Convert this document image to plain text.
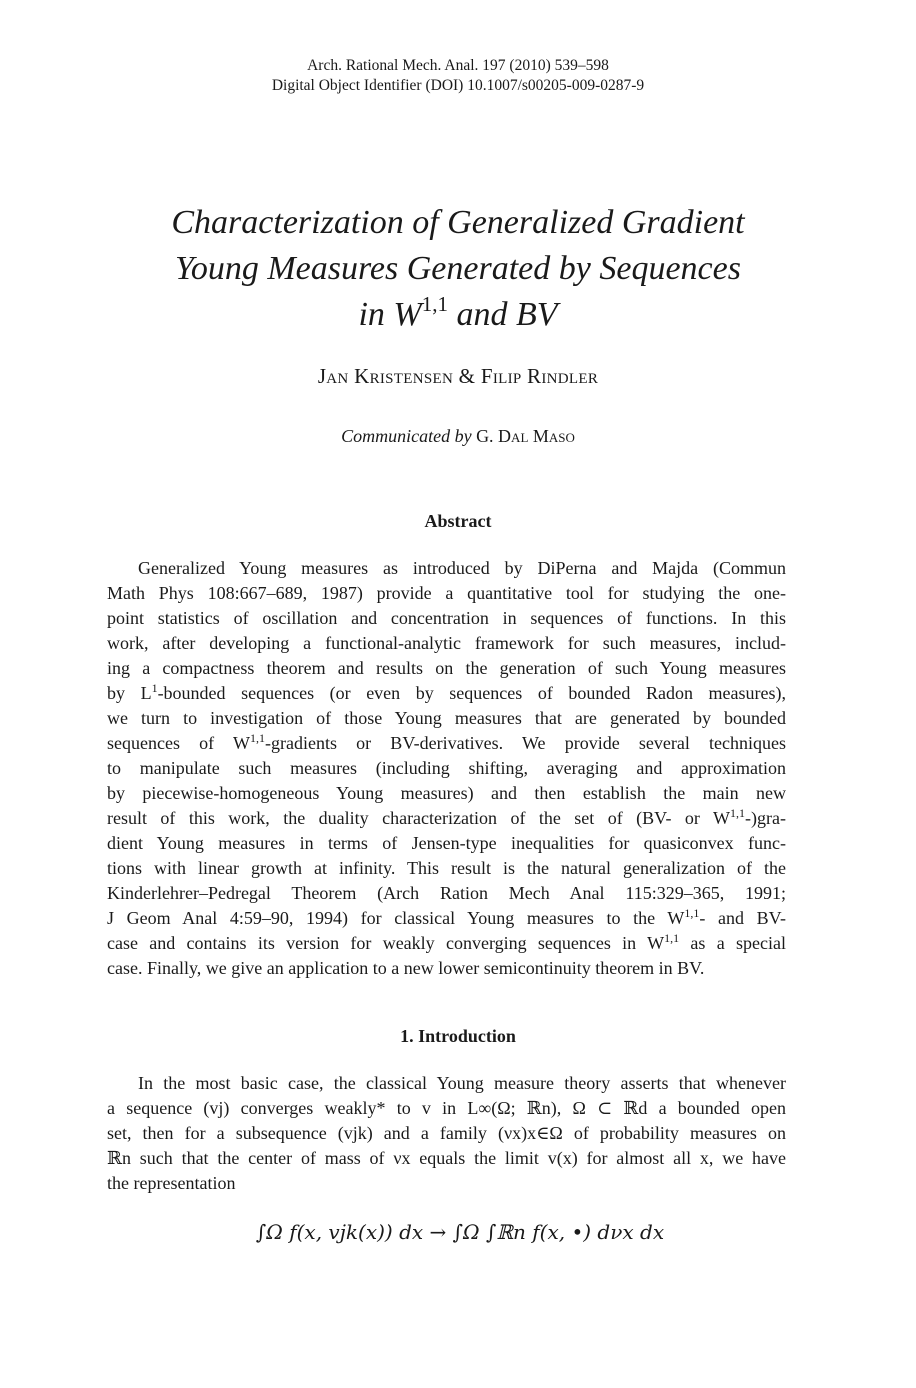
Arch. Rational Mech. Anal. 197 (2010) 539–598
Digital Object Identifier (DOI) 10.1007/s00205-009-0287-9
Characterization of Generalized Gradient
Young Measures Generated by Sequences
in W$^{1,1}$ and BV
Jan Kristensen & Filip Rindler
Communicated by G. Dal Maso
Abstract
Generalized Young measures as introduced by DiPerna and Majda (Commun
Math Phys 108:667–689, 1987) provide a quantitative tool for studying the one-
point statistics of oscillation and concentration in sequences of functions. In this
work, after developing a functional-analytic framework for such measures, includ-
ing a compactness theorem and results on the generation of such Young measures
by $L^1$-bounded sequences (or even by sequences of bounded Radon measures),
we turn to investigation of those Young measures that are generated by bounded
sequences of W$^{1,1}$-gradients or BV-derivatives. We provide several techniques
to manipulate such measures (including shifting, averaging and approximation
by piecewise-homogeneous Young measures) and then establish the main new
result of this work, the duality characterization of the set of (BV- or W$^{1,1}$-)gra-
dient Young measures in terms of Jensen-type inequalities for quasiconvex func-
tions with linear growth at infinity. This result is the natural generalization of the
Kinderlehrer–Pedregal Theorem (Arch Ration Mech Anal 115:329–365, 1991;
J Geom Anal 4:59–90, 1994) for classical Young measures to the W$^{1,1}$- and BV-
case and contains its version for weakly converging sequences in W$^{1,1}$ as a special
case. Finally, we give an application to a new lower semicontinuity theorem in BV.
1. Introduction
In the most basic case, the classical Young measure theory asserts that whenever
a sequence (vj) converges weakly* to v in L∞(Ω; ℝn), Ω ⊂ ℝd a bounded open
set, then for a subsequence (vjk) and a family (νx)x∈Ω of probability measures on
ℝn such that the center of mass of νx equals the limit v(x) for almost all x, we have
the representation
∫Ω f(x, vjk(x)) dx → ∫Ω ∫ℝn f(x, •) dνx dx
